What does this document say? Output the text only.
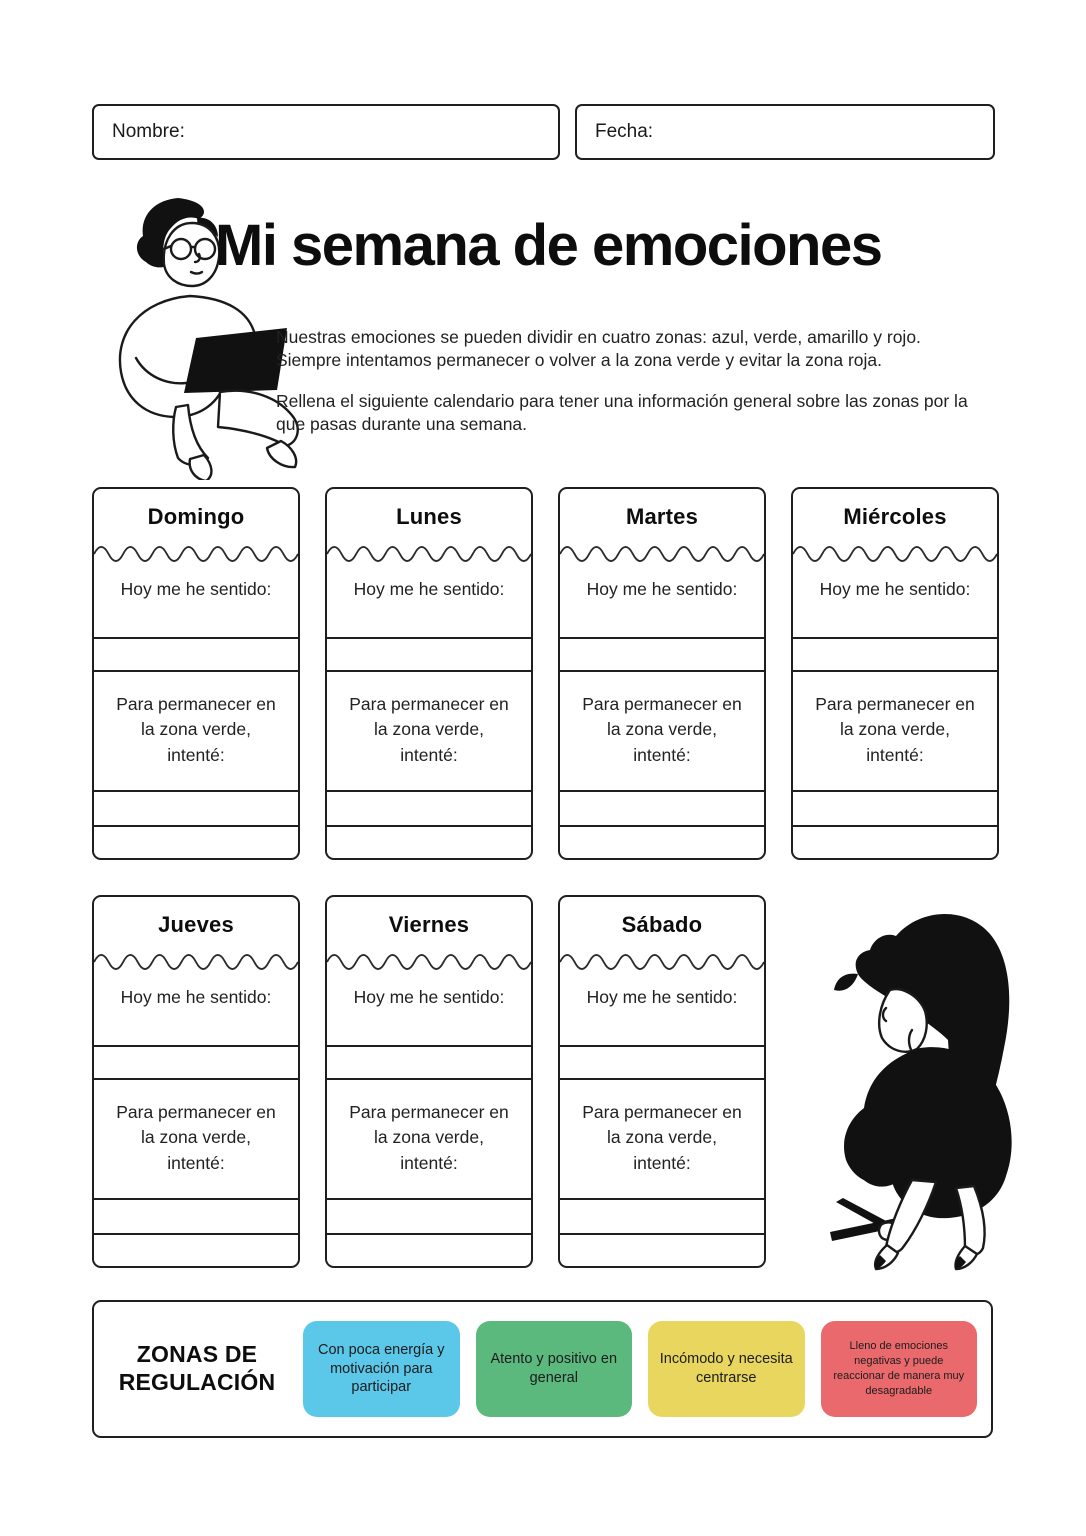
Nombre:	Fecha:
Mi semana de emociones

Nuestras emociones se pueden dividir en cuatro zonas: azul, verde, amarillo y rojo. Siempre intentamos permanecer o volver a la zona verde y evitar la zona roja.

Rellena el siguiente calendario para tener una información general sobre las zonas por la que pasas durante una semana.

Domingo
Hoy me he sentido:
Para permanecer en la zona verde, intenté:
Lunes
Hoy me he sentido:
Para permanecer en la zona verde, intenté:
Martes
Hoy me he sentido:
Para permanecer en la zona verde, intenté:
Miércoles
Hoy me he sentido:
Para permanecer en la zona verde, intenté:
Jueves
Hoy me he sentido:
Para permanecer en la zona verde, intenté:
Viernes
Hoy me he sentido:
Para permanecer en la zona verde, intenté:
Sábado
Hoy me he sentido:
Para permanecer en la zona verde, intenté:
ZONAS DE REGULACIÓN
Con poca energía y motivación para participar
Atento y positivo en general
Incómodo y necesita centrarse
Lleno de emociones negativas y puede reaccionar de manera muy desagradable
